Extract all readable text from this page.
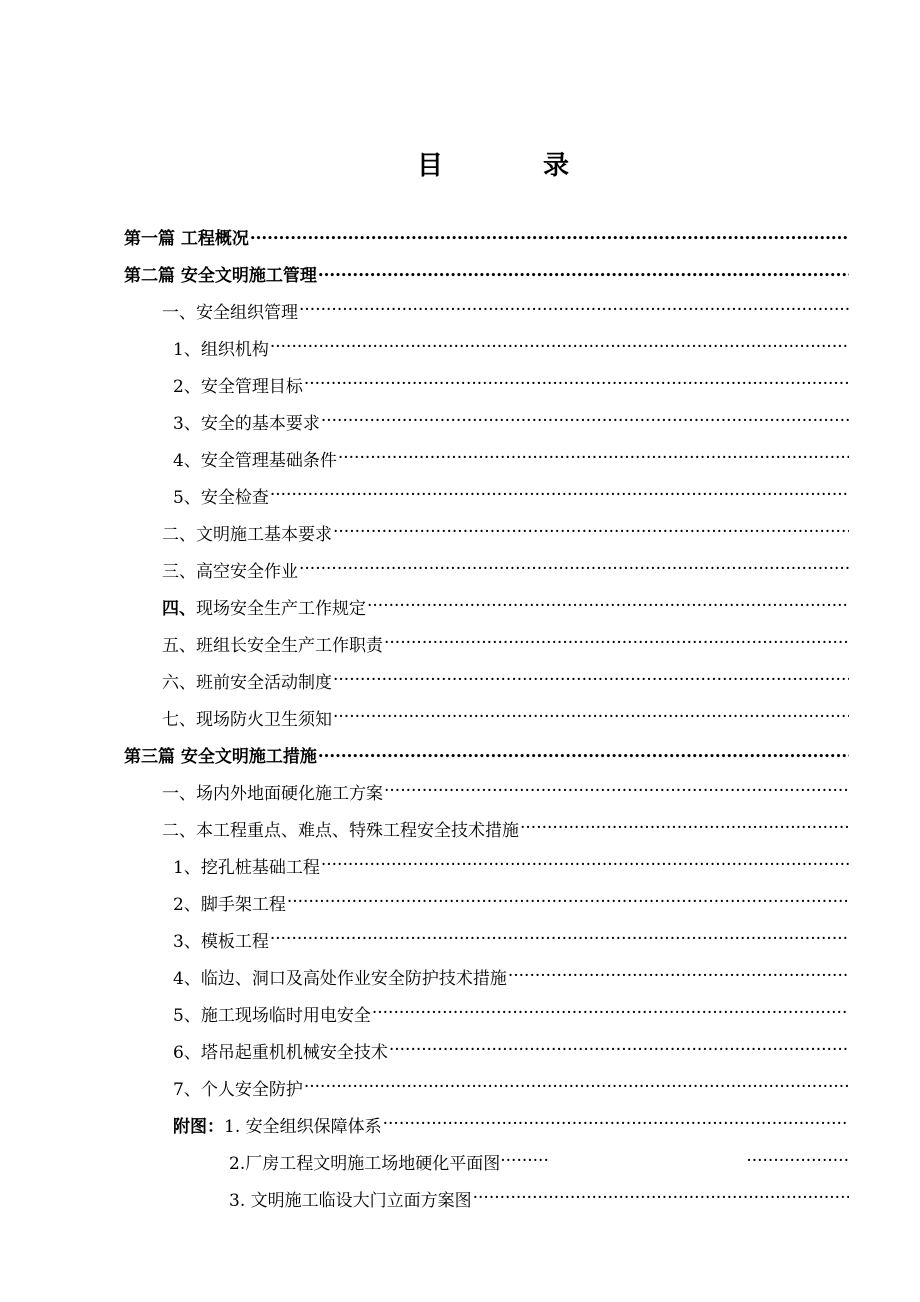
目	录
第一篇 工程概况
•••••
第二篇 安全文明施工管理
•••••
一、安全组织管理
·····
1、组织机构
·····
2、安全管理目标
·····
3、安全的基本要求
·····
4、安全管理基础条件
·····
5、安全检查
·····
二、文明施工基本要求
·····
三、高空安全作业
·····
四、 现场安全生产工作规定
·····
五、班组长安全生产工作职责
·····
六、班前安全活动制度
·····
七、现场防火卫生须知
·····
第三篇 安全文明施工措施
•••••
一、场内外地面硬化施工方案
·····
二、本工程重点、难点、特殊工程安全技术措施
·····
1、挖孔桩基础工程
·····
2、脚手架工程
·····
3、模板工程
·····
4、临边、洞口及高处作业安全防护技术措施
·····
5、施工现场临时用电安全
·····
6、塔吊起重机机械安全技术
·····
7、个人安全防护
·····
附图： 1. 安全组织保障体系
·····
2.厂房工程文明施工场地硬化平面图 ·········	···················
3. 文明施工临设大门立面方案图
·····
